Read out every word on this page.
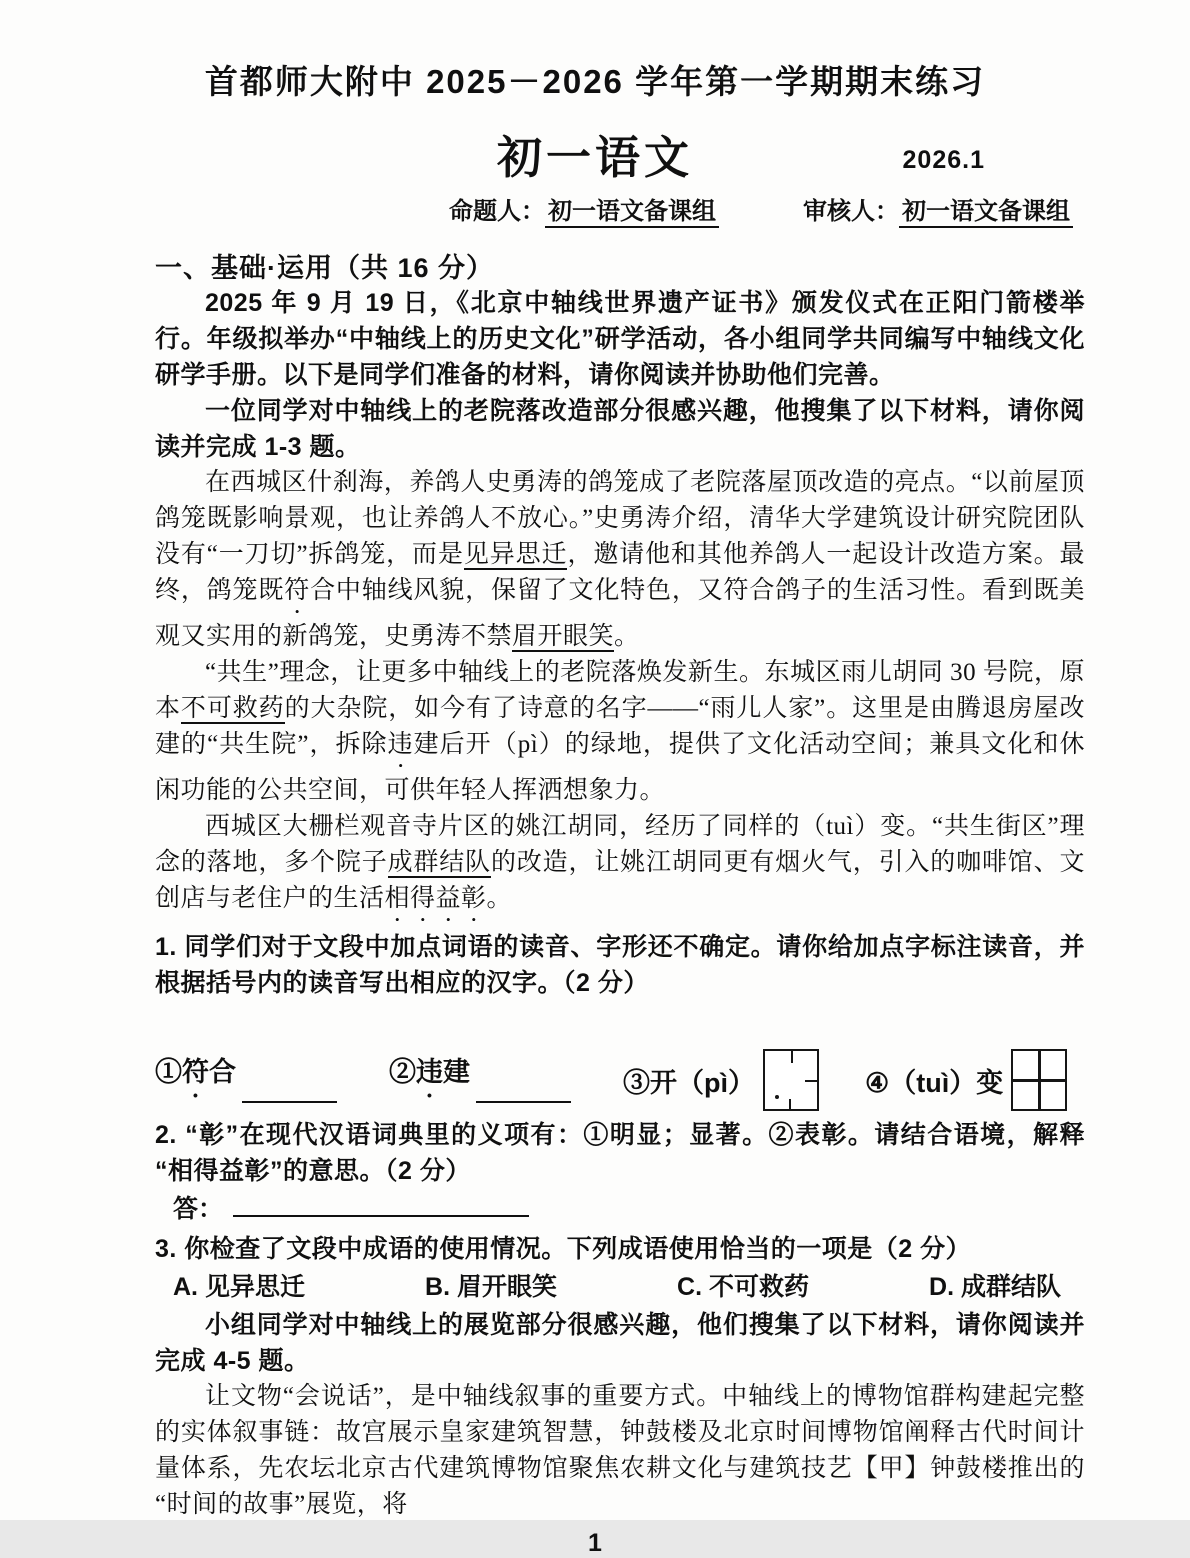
首都师大附中 2025－2026 学年第一学期期末练习
初一语文	2026.1
命题人： 初一语文备课组	审核人： 初一语文备课组
一、基础·运用（共 16 分）
2025 年 9 月 19 日，《北京中轴线世界遗产证书》颁发仪式在正阳门箭楼举行。年级拟举办“中轴线上的历史文化”研学活动，各小组同学共同编写中轴线文化研学手册。以下是同学们准备的材料，请你阅读并协助他们完善。
一位同学对中轴线上的老院落改造部分很感兴趣，他搜集了以下材料，请你阅读并完成 1-3 题。
在西城区什刹海，养鸽人史勇涛的鸽笼成了老院落屋顶改造的亮点。“以前屋顶鸽笼既影响景观，也让养鸽人不放心。”史勇涛介绍，清华大学建筑设计研究院团队没有“一刀切”拆鸽笼，而是见异思迁，邀请他和其他养鸽人一起设计改造方案。最终，鸽笼既符合中轴线风貌，保留了文化特色，又符合鸽子的生活习性。看到既美观又实用的新鸽笼，史勇涛不禁眉开眼笑。
“共生”理念，让更多中轴线上的老院落焕发新生。东城区雨儿胡同 30 号院，原本不可救药的大杂院，如今有了诗意的名字——“雨儿人家”。这里是由腾退房屋改建的“共生院”，拆除违建后开（pì）的绿地，提供了文化活动空间；兼具文化和休闲功能的公共空间，可供年轻人挥洒想象力。
西城区大栅栏观音寺片区的姚江胡同，经历了同样的（tuì）变。“共生街区”理念的落地，多个院子成群结队的改造，让姚江胡同更有烟火气，引入的咖啡馆、文创店与老住户的生活相得益彰。
1. 同学们对于文段中加点词语的读音、字形还不确定。请你给加点字标注读音，并根据括号内的读音写出相应的汉字。（2 分）
①符合	②违建	③开（pì）	④（tuì）变
2. “彰”在现代汉语词典里的义项有：①明显；显著。②表彰。请结合语境，解释“相得益彰”的意思。（2 分）
答：
3. 你检查了文段中成语的使用情况。下列成语使用恰当的一项是（2 分）
A. 见异思迁	B. 眉开眼笑	C. 不可救药	D. 成群结队
小组同学对中轴线上的展览部分很感兴趣，他们搜集了以下材料，请你阅读并完成 4-5 题。
让文物“会说话”，是中轴线叙事的重要方式。中轴线上的博物馆群构建起完整的实体叙事链：故宫展示皇家建筑智慧，钟鼓楼及北京时间博物馆阐释古代时间计量体系，先农坛北京古代建筑博物馆聚焦农耕文化与建筑技艺【甲】钟鼓楼推出的“时间的故事”展览，将
1
